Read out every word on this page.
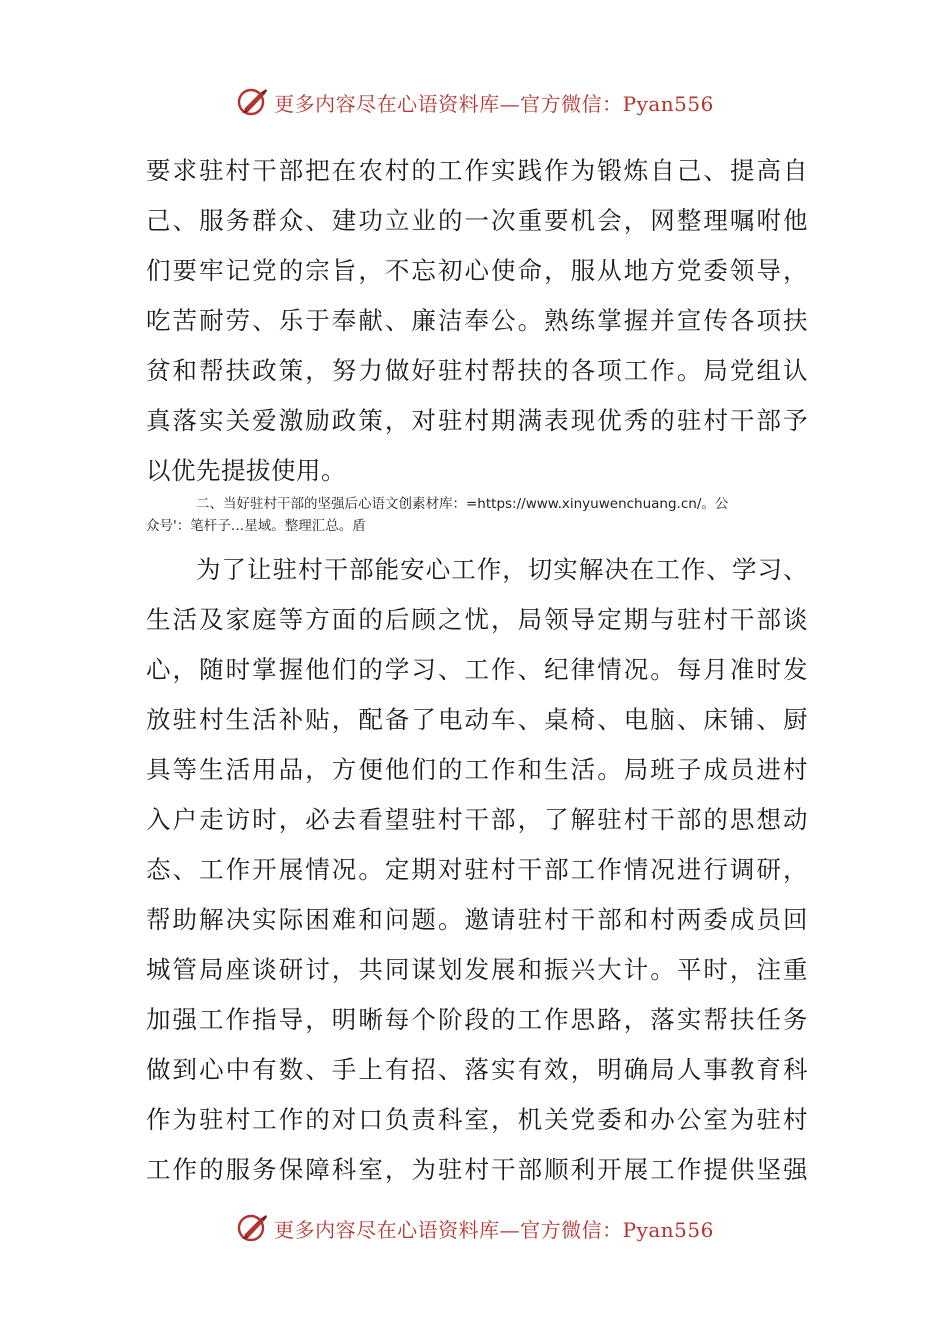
更多内容尽在心语资料库—官方微信：Pyan556
要求驻村干部把在农村的工作实践作为锻炼自己、提高自
己、服务群众、建功立业的一次重要机会，网整理嘱咐他
们要牢记党的宗旨，不忘初心使命，服从地方党委领导，
吃苦耐劳、乐于奉献、廉洁奉公。熟练掌握并宣传各项扶
贫和帮扶政策，努力做好驻村帮扶的各项工作。局党组认
真落实关爱激励政策，对驻村期满表现优秀的驻村干部予
以优先提拔使用。
二、当好驻村干部的坚强后心语文创素材库：=https://www.xinyuwenchuang.cn/。公
众号'：笔杆子…星域。整理汇总。盾
为了让驻村干部能安心工作，切实解决在工作、学习、
生活及家庭等方面的后顾之忧，局领导定期与驻村干部谈
心，随时掌握他们的学习、工作、纪律情况。每月准时发
放驻村生活补贴，配备了电动车、桌椅、电脑、床铺、厨
具等生活用品，方便他们的工作和生活。局班子成员进村
入户走访时，必去看望驻村干部，了解驻村干部的思想动
态、工作开展情况。定期对驻村干部工作情况进行调研，
帮助解决实际困难和问题。邀请驻村干部和村两委成员回
城管局座谈研讨，共同谋划发展和振兴大计。平时，注重
加强工作指导，明晰每个阶段的工作思路，落实帮扶任务
做到心中有数、手上有招、落实有效，明确局人事教育科
作为驻村工作的对口负责科室，机关党委和办公室为驻村
工作的服务保障科室，为驻村干部顺利开展工作提供坚强
更多内容尽在心语资料库—官方微信：Pyan556
